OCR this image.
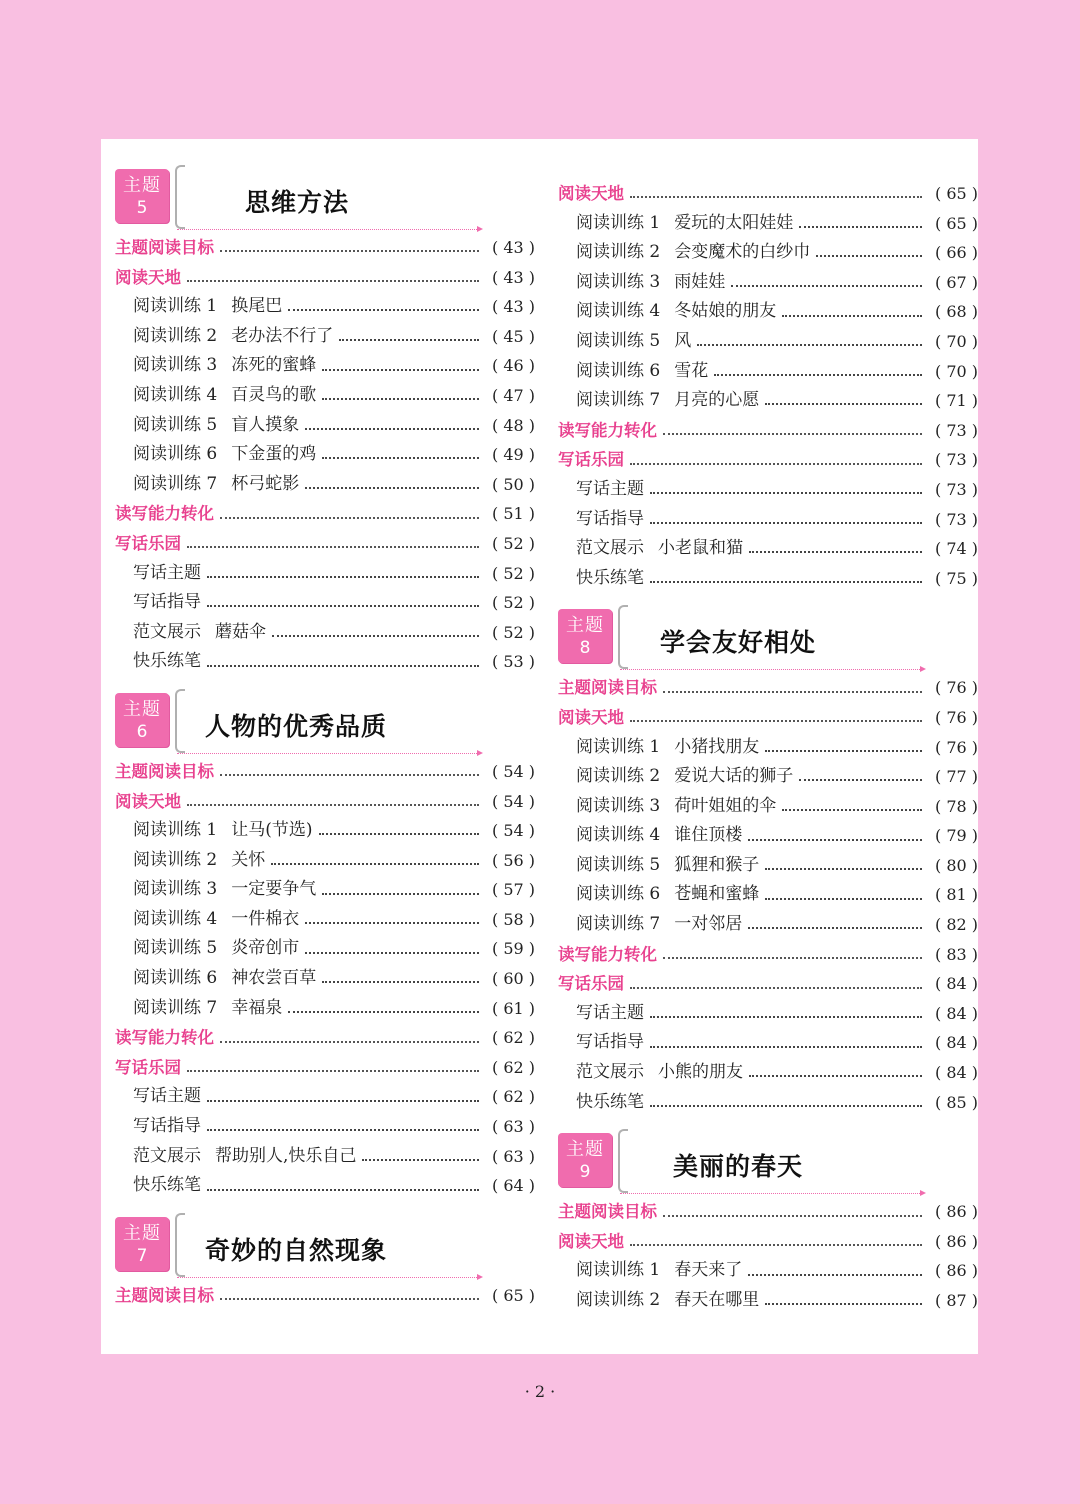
主题
5	思维方法
主题阅读目标	( 43 )
阅读天地	( 43 )
阅读训练 1 换尾巴	( 43 )
阅读训练 2 老办法不行了	( 45 )
阅读训练 3 冻死的蜜蜂	( 46 )
阅读训练 4 百灵鸟的歌	( 47 )
阅读训练 5 盲人摸象	( 48 )
阅读训练 6 下金蛋的鸡	( 49 )
阅读训练 7 杯弓蛇影	( 50 )
读写能力转化	( 51 )
写话乐园	( 52 )
写话主题	( 52 )
写话指导	( 52 )
范文展示 蘑菇伞	( 52 )
快乐练笔	( 53 )
主题
6	人物的优秀品质
主题阅读目标	( 54 )
阅读天地	( 54 )
阅读训练 1 让马(节选)	( 54 )
阅读训练 2 关怀	( 56 )
阅读训练 3 一定要争气	( 57 )
阅读训练 4 一件棉衣	( 58 )
阅读训练 5 炎帝创市	( 59 )
阅读训练 6 神农尝百草	( 60 )
阅读训练 7 幸福泉	( 61 )
读写能力转化	( 62 )
写话乐园	( 62 )
写话主题	( 62 )
写话指导	( 63 )
范文展示 帮助别人,快乐自己	( 63 )
快乐练笔	( 64 )
主题
7	奇妙的自然现象
主题阅读目标	( 65 )
阅读天地	( 65 )
阅读训练 1 爱玩的太阳娃娃	( 65 )
阅读训练 2 会变魔术的白纱巾	( 66 )
阅读训练 3 雨娃娃	( 67 )
阅读训练 4 冬姑娘的朋友	( 68 )
阅读训练 5 风	( 70 )
阅读训练 6 雪花	( 70 )
阅读训练 7 月亮的心愿	( 71 )
读写能力转化	( 73 )
写话乐园	( 73 )
写话主题	( 73 )
写话指导	( 73 )
范文展示 小老鼠和猫	( 74 )
快乐练笔	( 75 )
主题
8	学会友好相处
主题阅读目标	( 76 )
阅读天地	( 76 )
阅读训练 1 小猪找朋友	( 76 )
阅读训练 2 爱说大话的狮子	( 77 )
阅读训练 3 荷叶姐姐的伞	( 78 )
阅读训练 4 谁住顶楼	( 79 )
阅读训练 5 狐狸和猴子	( 80 )
阅读训练 6 苍蝇和蜜蜂	( 81 )
阅读训练 7 一对邻居	( 82 )
读写能力转化	( 83 )
写话乐园	( 84 )
写话主题	( 84 )
写话指导	( 84 )
范文展示 小熊的朋友	( 84 )
快乐练笔	( 85 )
主题
9	美丽的春天
主题阅读目标	( 86 )
阅读天地	( 86 )
阅读训练 1 春天来了	( 86 )
阅读训练 2 春天在哪里	( 87 )
· 2 ·
